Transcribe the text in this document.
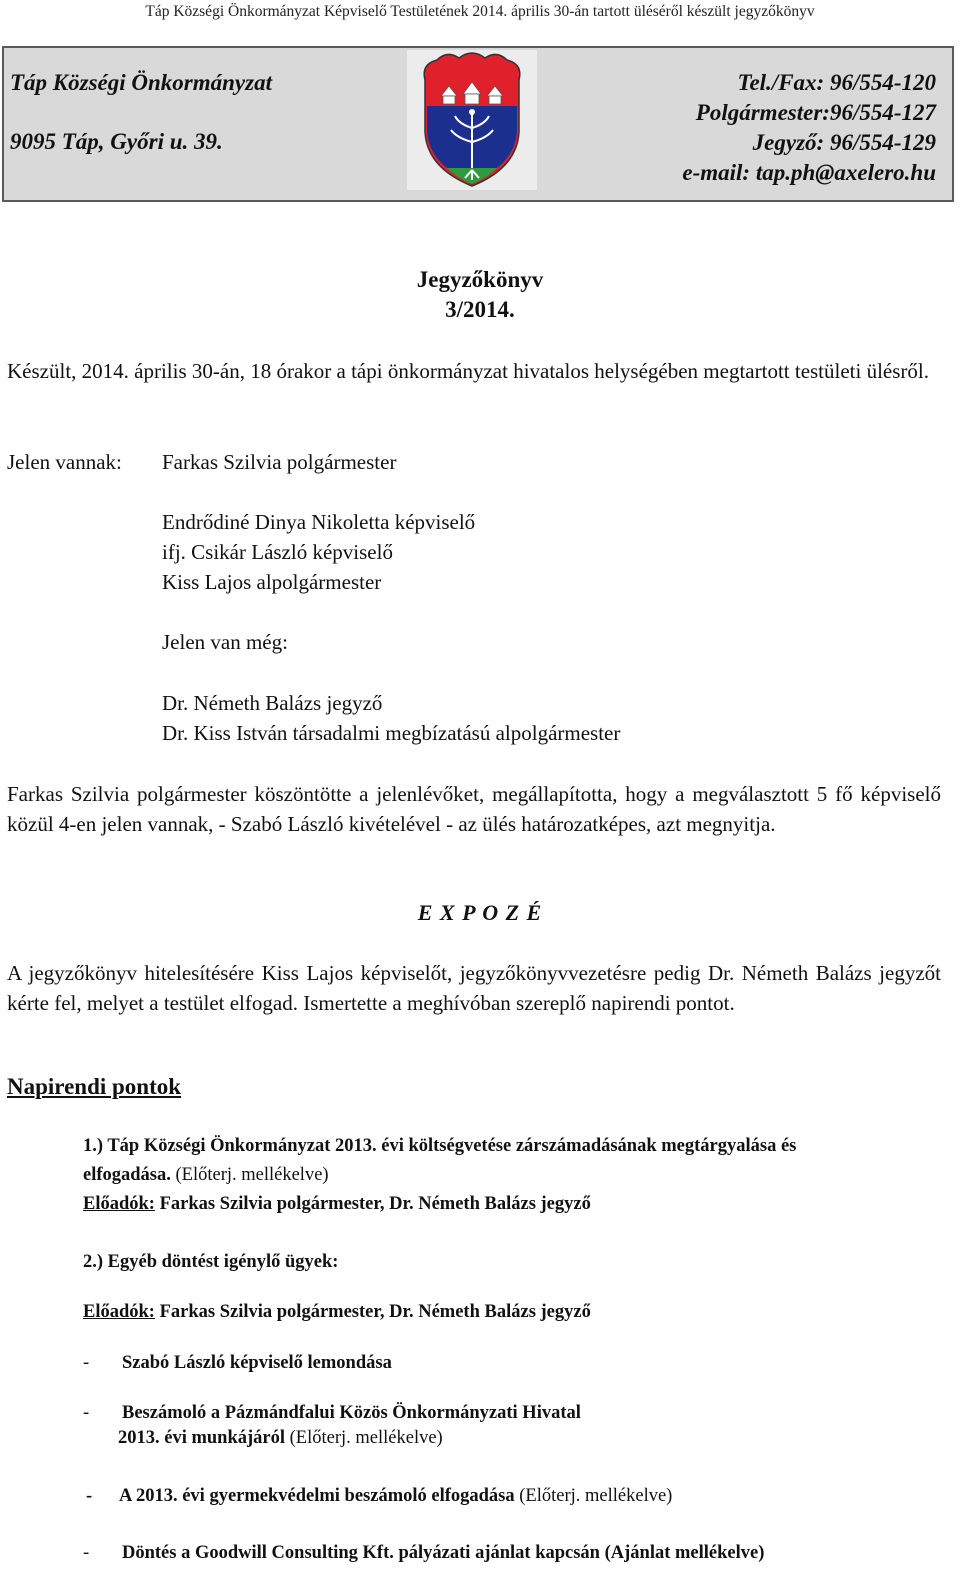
Táp Községi Önkormányzat Képviselő Testületének 2014. április 30-án tartott üléséről készült jegyzőkönyv
Táp Községi Önkormányzat
9095 Táp, Győri u. 39.
Tel./Fax: 96/554-120
Polgármester:96/554-127
Jegyző: 96/554-129
e-mail: tap.ph@axelero.hu
Jegyzőkönyv
3/2014.
Készült, 2014. április 30-án, 18 órakor a tápi önkormányzat hivatalos helységében megtartott testületi ülésről.
Jelen vannak: Farkas Szilvia polgármester
Endrődiné Dinya Nikoletta képviselő
ifj. Csikár László képviselő
Kiss Lajos alpolgármester
Jelen van még:
Dr. Németh Balázs jegyző
Dr. Kiss István társadalmi megbízatású alpolgármester
Farkas Szilvia polgármester köszöntötte a jelenlévőket, megállapította, hogy a megválasztott 5 fő képviselő közül 4-en jelen vannak, - Szabó László kivételével - az ülés határozatképes, azt megnyitja.
E X P O Z É
A jegyzőkönyv hitelesítésére Kiss Lajos képviselőt, jegyzőkönyvvezetésre pedig Dr. Németh Balázs jegyzőt kérte fel, melyet a testület elfogad. Ismertette a meghívóban szereplő napirendi pontot.
Napirendi pontok
1.) Táp Községi Önkormányzat 2013. évi költségvetése zárszámadásának megtárgyalása és
elfogadása. (Előterj. mellékelve)
Előadók: Farkas Szilvia polgármester, Dr. Németh Balázs jegyző
2.) Egyéb döntést igénylő ügyek:
Előadók: Farkas Szilvia polgármester, Dr. Németh Balázs jegyző
- Szabó László képviselő lemondása
- Beszámoló a Pázmándfalui Közös Önkormányzati Hivatal
2013. évi munkájáról (Előterj. mellékelve)
- A 2013. évi gyermekvédelmi beszámoló elfogadása (Előterj. mellékelve)
- Döntés a Goodwill Consulting Kft. pályázati ajánlat kapcsán (Ajánlat mellékelve)
